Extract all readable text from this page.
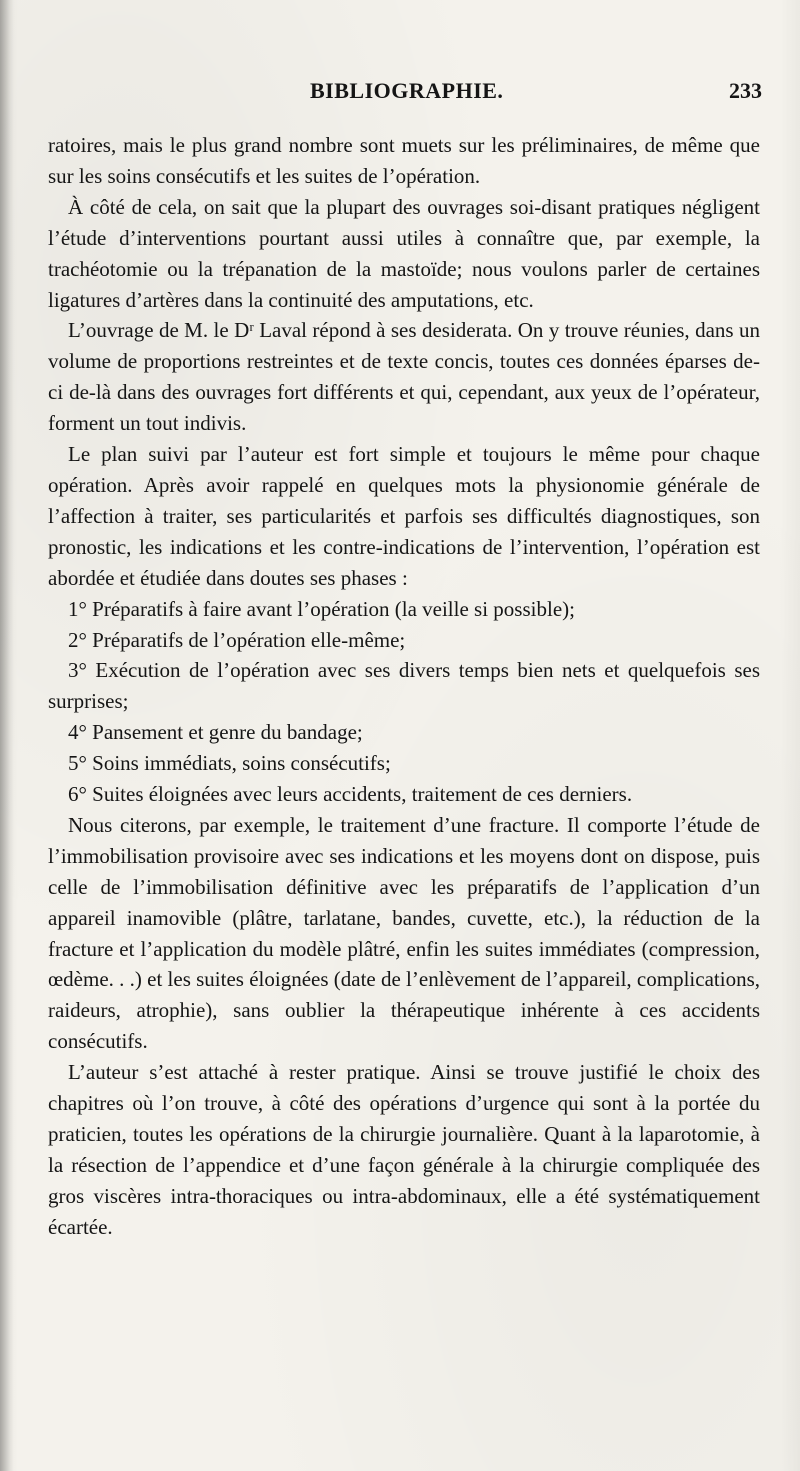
BIBLIOGRAPHIE.	233

ratoires, mais le plus grand nombre sont muets sur les préliminaires, de même que sur les soins consécutifs et les suites de l’opération.

À côté de cela, on sait que la plupart des ouvrages soi-disant pratiques négligent l’étude d’interventions pourtant aussi utiles à connaître que, par exemple, la trachéotomie ou la trépanation de la mastoïde; nous voulons parler de certaines ligatures d’artères dans la continuité des amputations, etc.

L’ouvrage de M. le Dʳ Laval répond à ses desiderata. On y trouve réunies, dans un volume de proportions restreintes et de texte concis, toutes ces données éparses de-ci de-là dans des ouvrages fort différents et qui, cependant, aux yeux de l’opérateur, forment un tout indivis.

Le plan suivi par l’auteur est fort simple et toujours le même pour chaque opération. Après avoir rappelé en quelques mots la physionomie générale de l’affection à traiter, ses particularités et parfois ses difficultés diagnostiques, son pronostic, les indications et les contre-indications de l’intervention, l’opération est abordée et étudiée dans doutes ses phases :

1° Préparatifs à faire avant l’opération (la veille si possible);

2° Préparatifs de l’opération elle-même;

3° Exécution de l’opération avec ses divers temps bien nets et quelquefois ses surprises;

4° Pansement et genre du bandage;

5° Soins immédiats, soins consécutifs;

6° Suites éloignées avec leurs accidents, traitement de ces derniers.

Nous citerons, par exemple, le traitement d’une fracture. Il comporte l’étude de l’immobilisation provisoire avec ses indications et les moyens dont on dispose, puis celle de l’immobilisation définitive avec les préparatifs de l’application d’un appareil inamovible (plâtre, tarlatane, bandes, cuvette, etc.), la réduction de la fracture et l’application du modèle plâtré, enfin les suites immédiates (compression, œdème. . .) et les suites éloignées (date de l’enlèvement de l’appareil, complications, raideurs, atrophie), sans oublier la thérapeutique inhérente à ces accidents consécutifs.

L’auteur s’est attaché à rester pratique. Ainsi se trouve justifié le choix des chapitres où l’on trouve, à côté des opérations d’urgence qui sont à la portée du praticien, toutes les opérations de la chirurgie journalière. Quant à la laparotomie, à la résection de l’appendice et d’une façon générale à la chirurgie compliquée des gros viscères intra-thoraciques ou intra-abdominaux, elle a été systématiquement écartée.
